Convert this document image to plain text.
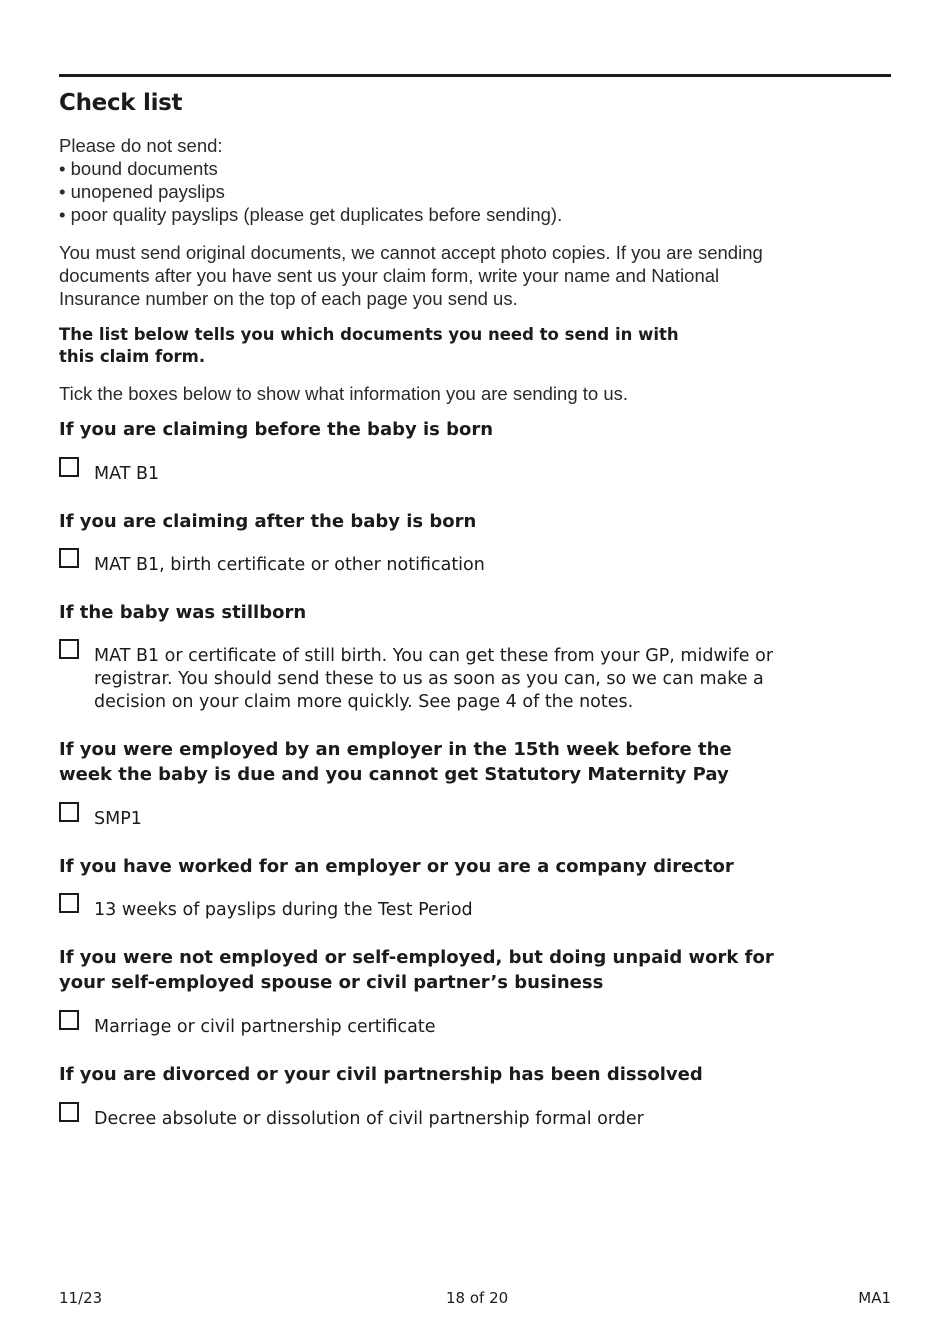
Check list

Please do not send:

• bound documents
• unopened payslips
• poor quality payslips (please get duplicates before sending).

You must send original documents, we cannot accept photo copies. If you are sending documents after you have sent us your claim form, write your name and National Insurance number on the top of each page you send us.

The list below tells you which documents you need to send in with this claim form.

Tick the boxes below to show what information you are sending to us.

If you are claiming before the baby is born

MAT B1

If you are claiming after the baby is born

MAT B1, birth certificate or other notification

If the baby was stillborn

MAT B1 or certificate of still birth. You can get these from your GP, midwife or registrar. You should send these to us as soon as you can, so we can make a decision on your claim more quickly. See page 4 of the notes.

If you were employed by an employer in the 15th week before the week the baby is due and you cannot get Statutory Maternity Pay

SMP1

If you have worked for an employer or you are a company director

13 weeks of payslips during the Test Period

If you were not employed or self-employed, but doing unpaid work for your self-employed spouse or civil partner’s business

Marriage or civil partnership certificate

If you are divorced or your civil partnership has been dissolved

Decree absolute or dissolution of civil partnership formal order
11/23	18 of 20	MA1
